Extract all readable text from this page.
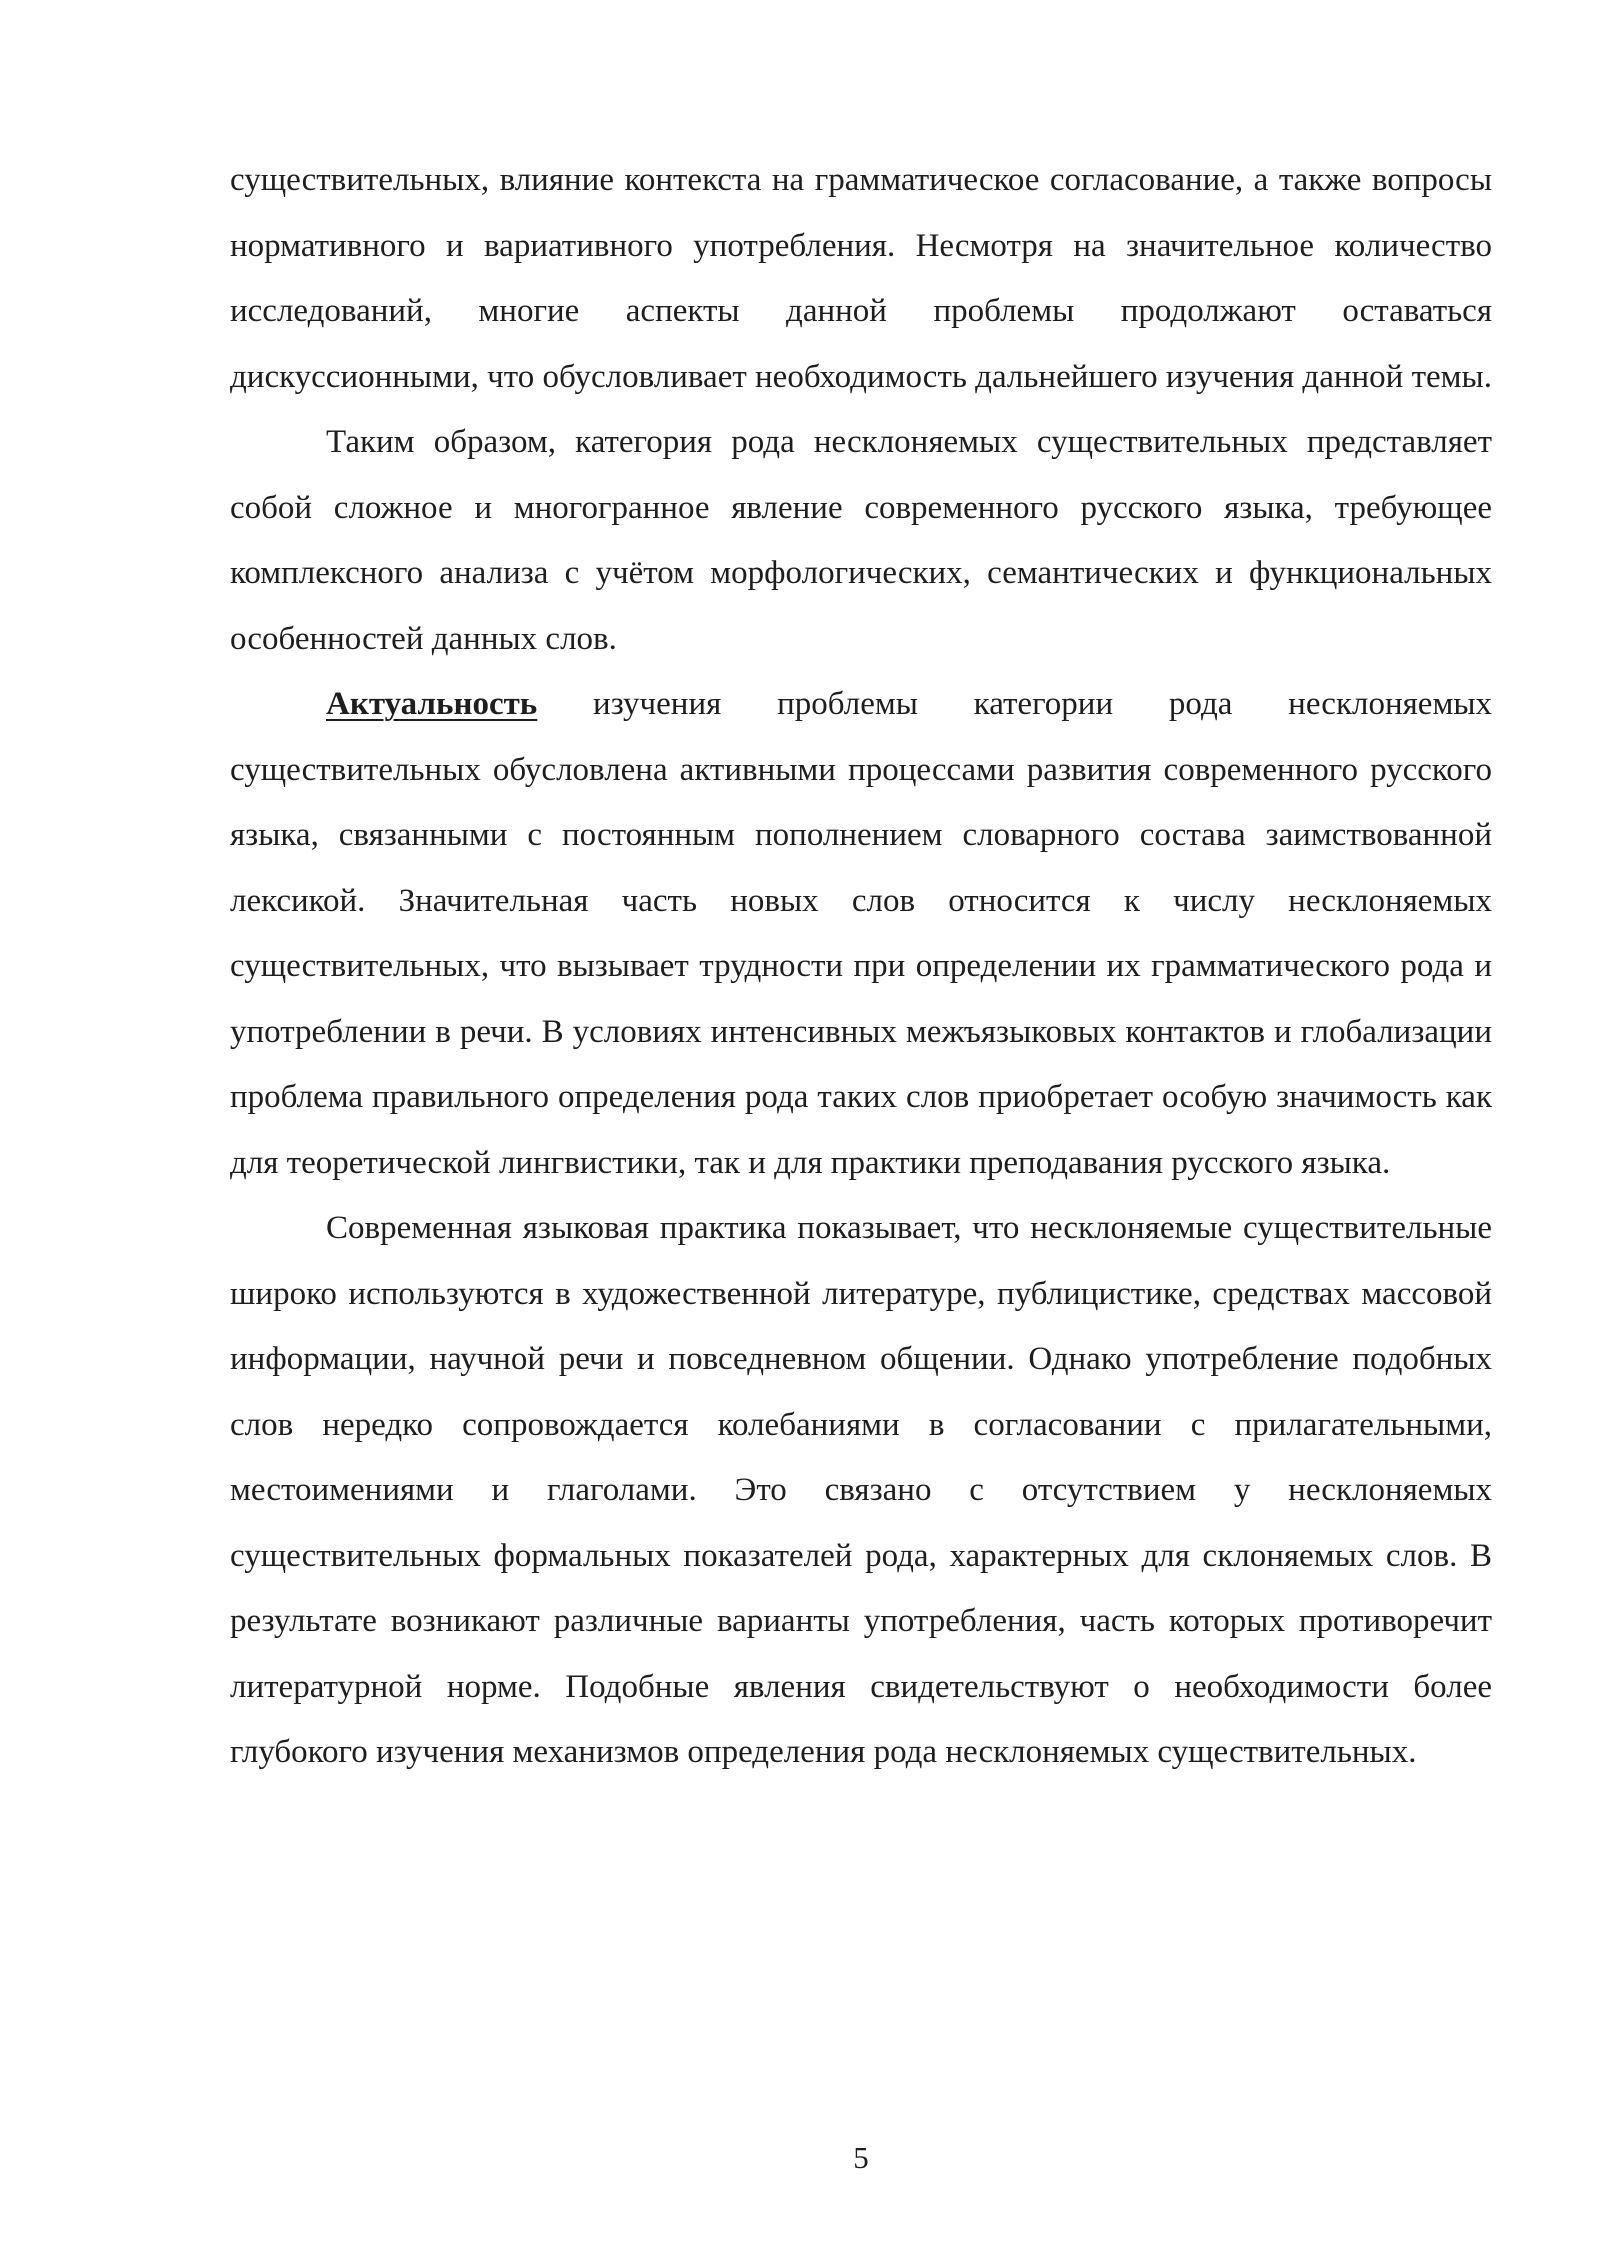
существительных, влияние контекста на грамматическое согласование, а также вопросы нормативного и вариативного употребления. Несмотря на значительное количество исследований, многие аспекты данной проблемы продолжают оставаться дискуссионными, что обусловливает необходимость дальнейшего изучения данной темы.

Таким образом, категория рода несклоняемых существительных представляет собой сложное и многогранное явление современного русского языка, требующее комплексного анализа с учётом морфологических, семантических и функциональных особенностей данных слов.

Актуальность изучения проблемы категории рода несклоняемых существительных обусловлена активными процессами развития современного русского языка, связанными с постоянным пополнением словарного состава заимствованной лексикой. Значительная часть новых слов относится к числу несклоняемых существительных, что вызывает трудности при определении их грамматического рода и употреблении в речи. В условиях интенсивных межъязыковых контактов и глобализации проблема правильного определения рода таких слов приобретает особую значимость как для теоретической лингвистики, так и для практики преподавания русского языка.

Современная языковая практика показывает, что несклоняемые существительные широко используются в художественной литературе, публицистике, средствах массовой информации, научной речи и повседневном общении. Однако употребление подобных слов нередко сопровождается колебаниями в согласовании с прилагательными, местоимениями и глаголами. Это связано с отсутствием у несклоняемых существительных формальных показателей рода, характерных для склоняемых слов. В результате возникают различные варианты употребления, часть которых противоречит литературной норме. Подобные явления свидетельствуют о необходимости более глубокого изучения механизмов определения рода несклоняемых существительных.

5
